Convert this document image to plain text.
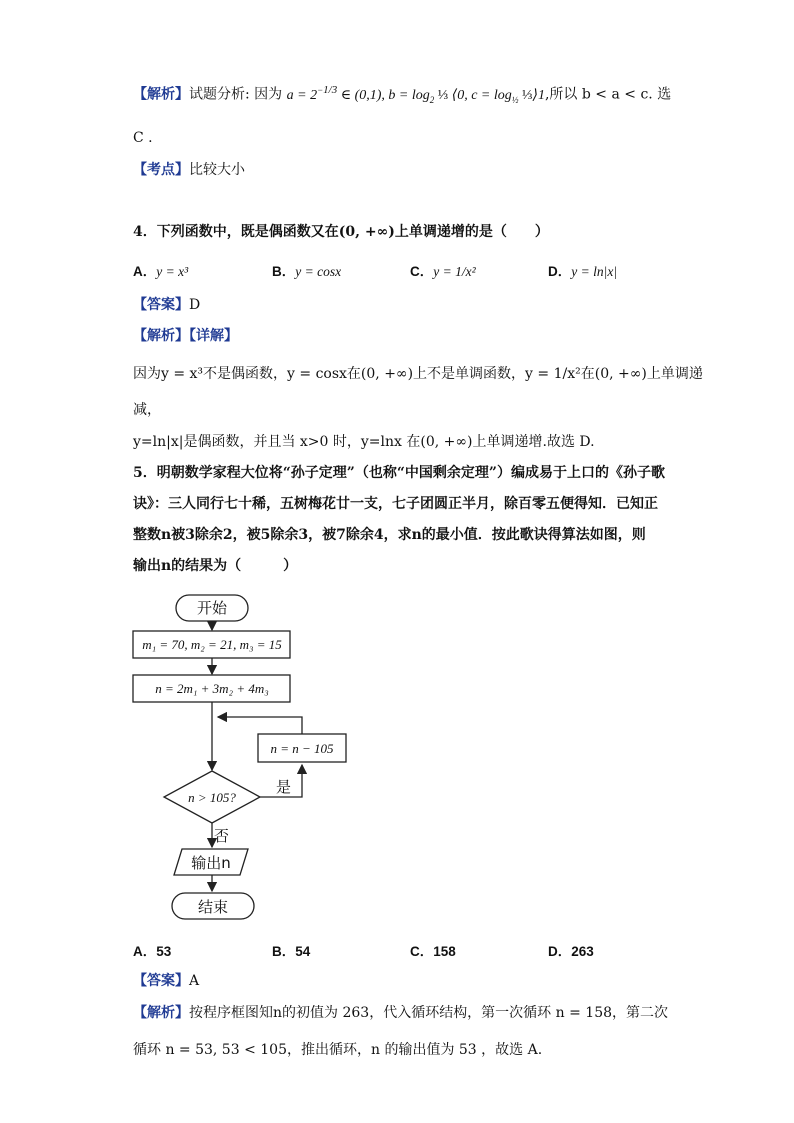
【解析】试题分析: 因为 $a = 2^{-1/3}$ ∈ (0,1), $b = \log_2$ ⅓ ⟨0, $c = \log_{\frac{1}{2}}$ ⅓⟩1,所以 b < a < c. 选
C .
【考点】比较大小
4．下列函数中，既是偶函数又在(0, +∞)上单调递增的是（　　）
A．y = x³	B．y = cosx	C．y = 1/x²	D．y = ln|x|
【答案】D
【解析】【详解】
因为y = x³不是偶函数，y = cosx在(0, +∞)上不是单调函数，y = 1/x²在(0, +∞)上单调递
减，
y=ln|x|是偶函数，并且当 x>0 时，y=lnx 在(0, +∞)上单调递增.故选 D.
5．明朝数学家程大位将“孙子定理”（也称“中国剩余定理”）编成易于上口的《孙子歌
诀》：三人同行七十稀，五树梅花廿一支，七子团圆正半月，除百零五便得知．已知正
整数n被3除余2，被5除余3，被7除余4，求n的最小值．按此歌诀得算法如图，则
输出n的结果为（　　　）
开始
m₁ = 70, m₂ = 21, m₃ = 15
n = 2m₁ + 3m₂ + 4m₃
n = n − 105
n > 105?
是
否
输出n
结束
A．53	B．54	C．158	D．263
【答案】A
【解析】按程序框图知n的初值为 263，代入循环结构，第一次循环 n = 158，第二次
循环 n = 53, 53 < 105，推出循环，n 的输出值为 53 ，故选 A.
